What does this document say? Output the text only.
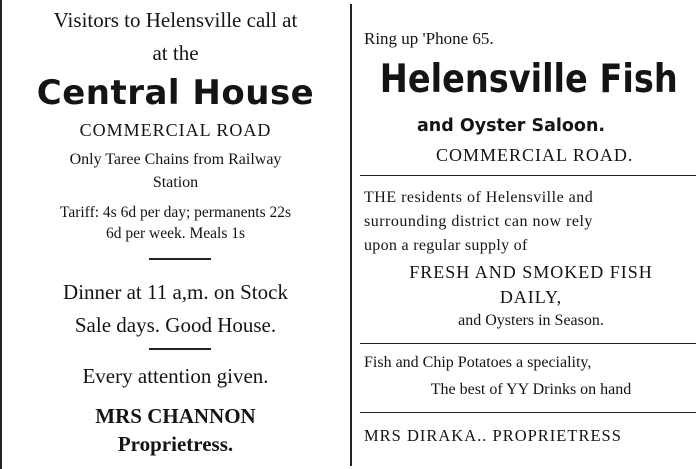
Visitors to Helensville call at
at the
Central House
COMMERCIAL ROAD
Only Taree Chains from Railway
Station
Tariff: 4s 6d per day; permanents 22s
6d per week. Meals 1s
Dinner at 11 a,m. on Stock
Sale days. Good House.
Every attention given.
MRS CHANNON
Proprietress.
Ring up 'Phone 65.
Helensville Fish
and Oyster Saloon.
COMMERCIAL ROAD.
THE residents of Helensville and
surrounding district can now rely
upon a regular supply of
FRESH AND SMOKED FISH
DAILY,
and Oysters in Season.
Fish and Chip Potatoes a speciality,
The best of YY Drinks on hand
MRS DIRAKA.. PROPRIETRESS
